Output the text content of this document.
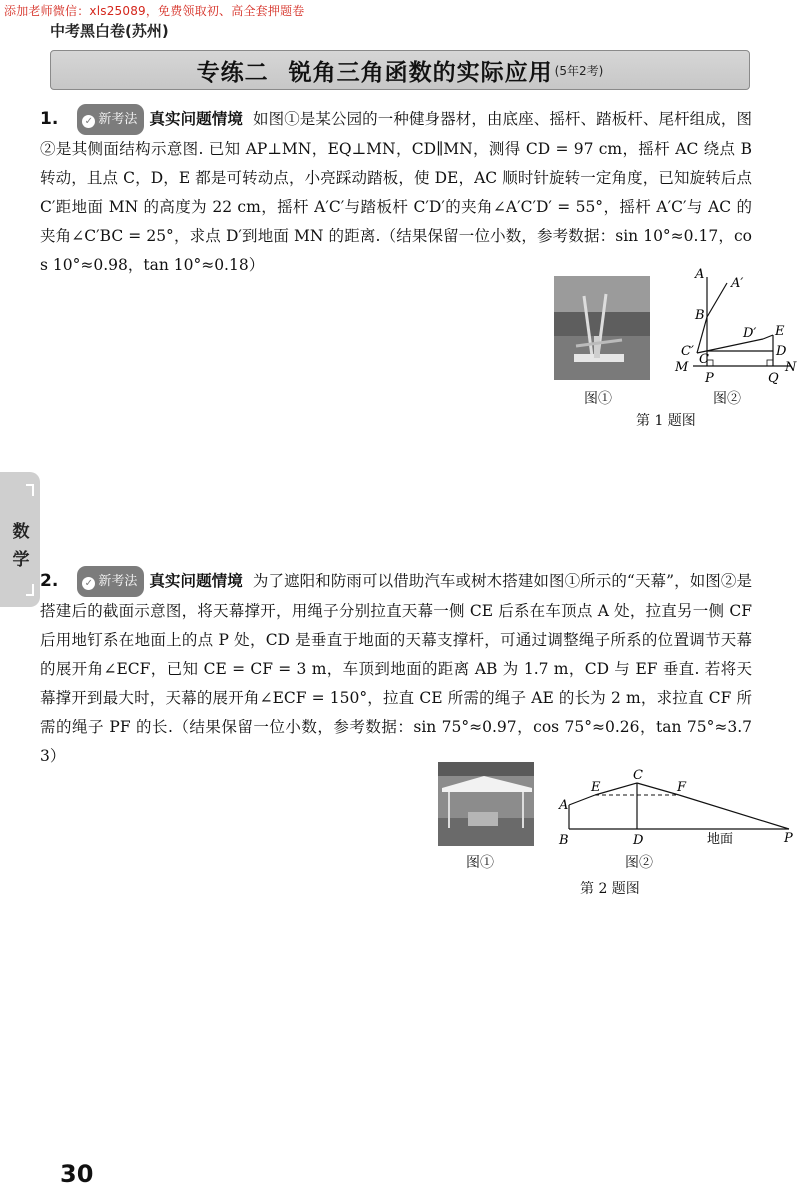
添加老师微信：xls25089，免费领取初、高全套押题卷
中考黑白卷(苏州)
专练二 锐角三角函数的实际应用 (5年2考)
1.	✓ 新考法 真实问题情境 如图①是某公园的一种健身器材，由底座、摇杆、踏板杆、尾杆组成，图②是其侧面结构示意图. 已知 AP⊥MN，EQ⊥MN，CD∥MN，测得 CD = 97 cm，摇杆 AC 绕点 B 转动，且点 C，D，E 都是可转动点，小亮踩动踏板，使 DE，AC 顺时针旋转一定角度，已知旋转后点 C′距地面 MN 的高度为 22 cm，摇杆 A′C′与踏板杆 C′D′的夹角∠A′C′D′ = 55°，摇杆 A′C′与 AC 的夹角∠C′BC = 25°，求点 D′到地面 MN 的距离.（结果保留一位小数，参考数据：sin 10°≈0.17，cos 10°≈0.98，tan 10°≈0.18）
图①
A
A′
B
C′
C
D′ E
D
M
P	Q
N
图②
第 1 题图
数
学
2.	✓ 新考法 真实问题情境 为了遮阳和防雨可以借助汽车或树木搭建如图①所示的“天幕”，如图②是搭建后的截面示意图，将天幕撑开，用绳子分别拉直天幕一侧 CE 后系在车顶点 A 处，拉直另一侧 CF 后用地钉系在地面上的点 P 处，CD 是垂直于地面的天幕支撑杆，可通过调整绳子所系的位置调节天幕的展开角∠ECF，已知 CE = CF = 3 m，车顶到地面的距离 AB 为 1.7 m，CD 与 EF 垂直. 若将天幕撑开到最大时，天幕的展开角∠ECF = 150°，拉直 CE 所需的绳子 AE 的长为 2 m，求拉直 CF 所需的绳子 PF 的长.（结果保留一位小数，参考数据：sin 75°≈0.97，cos 75°≈0.26，tan 75°≈3.73）
图①
A
E
C
F
B	D	地面	P
图②
第 2 题图
30
